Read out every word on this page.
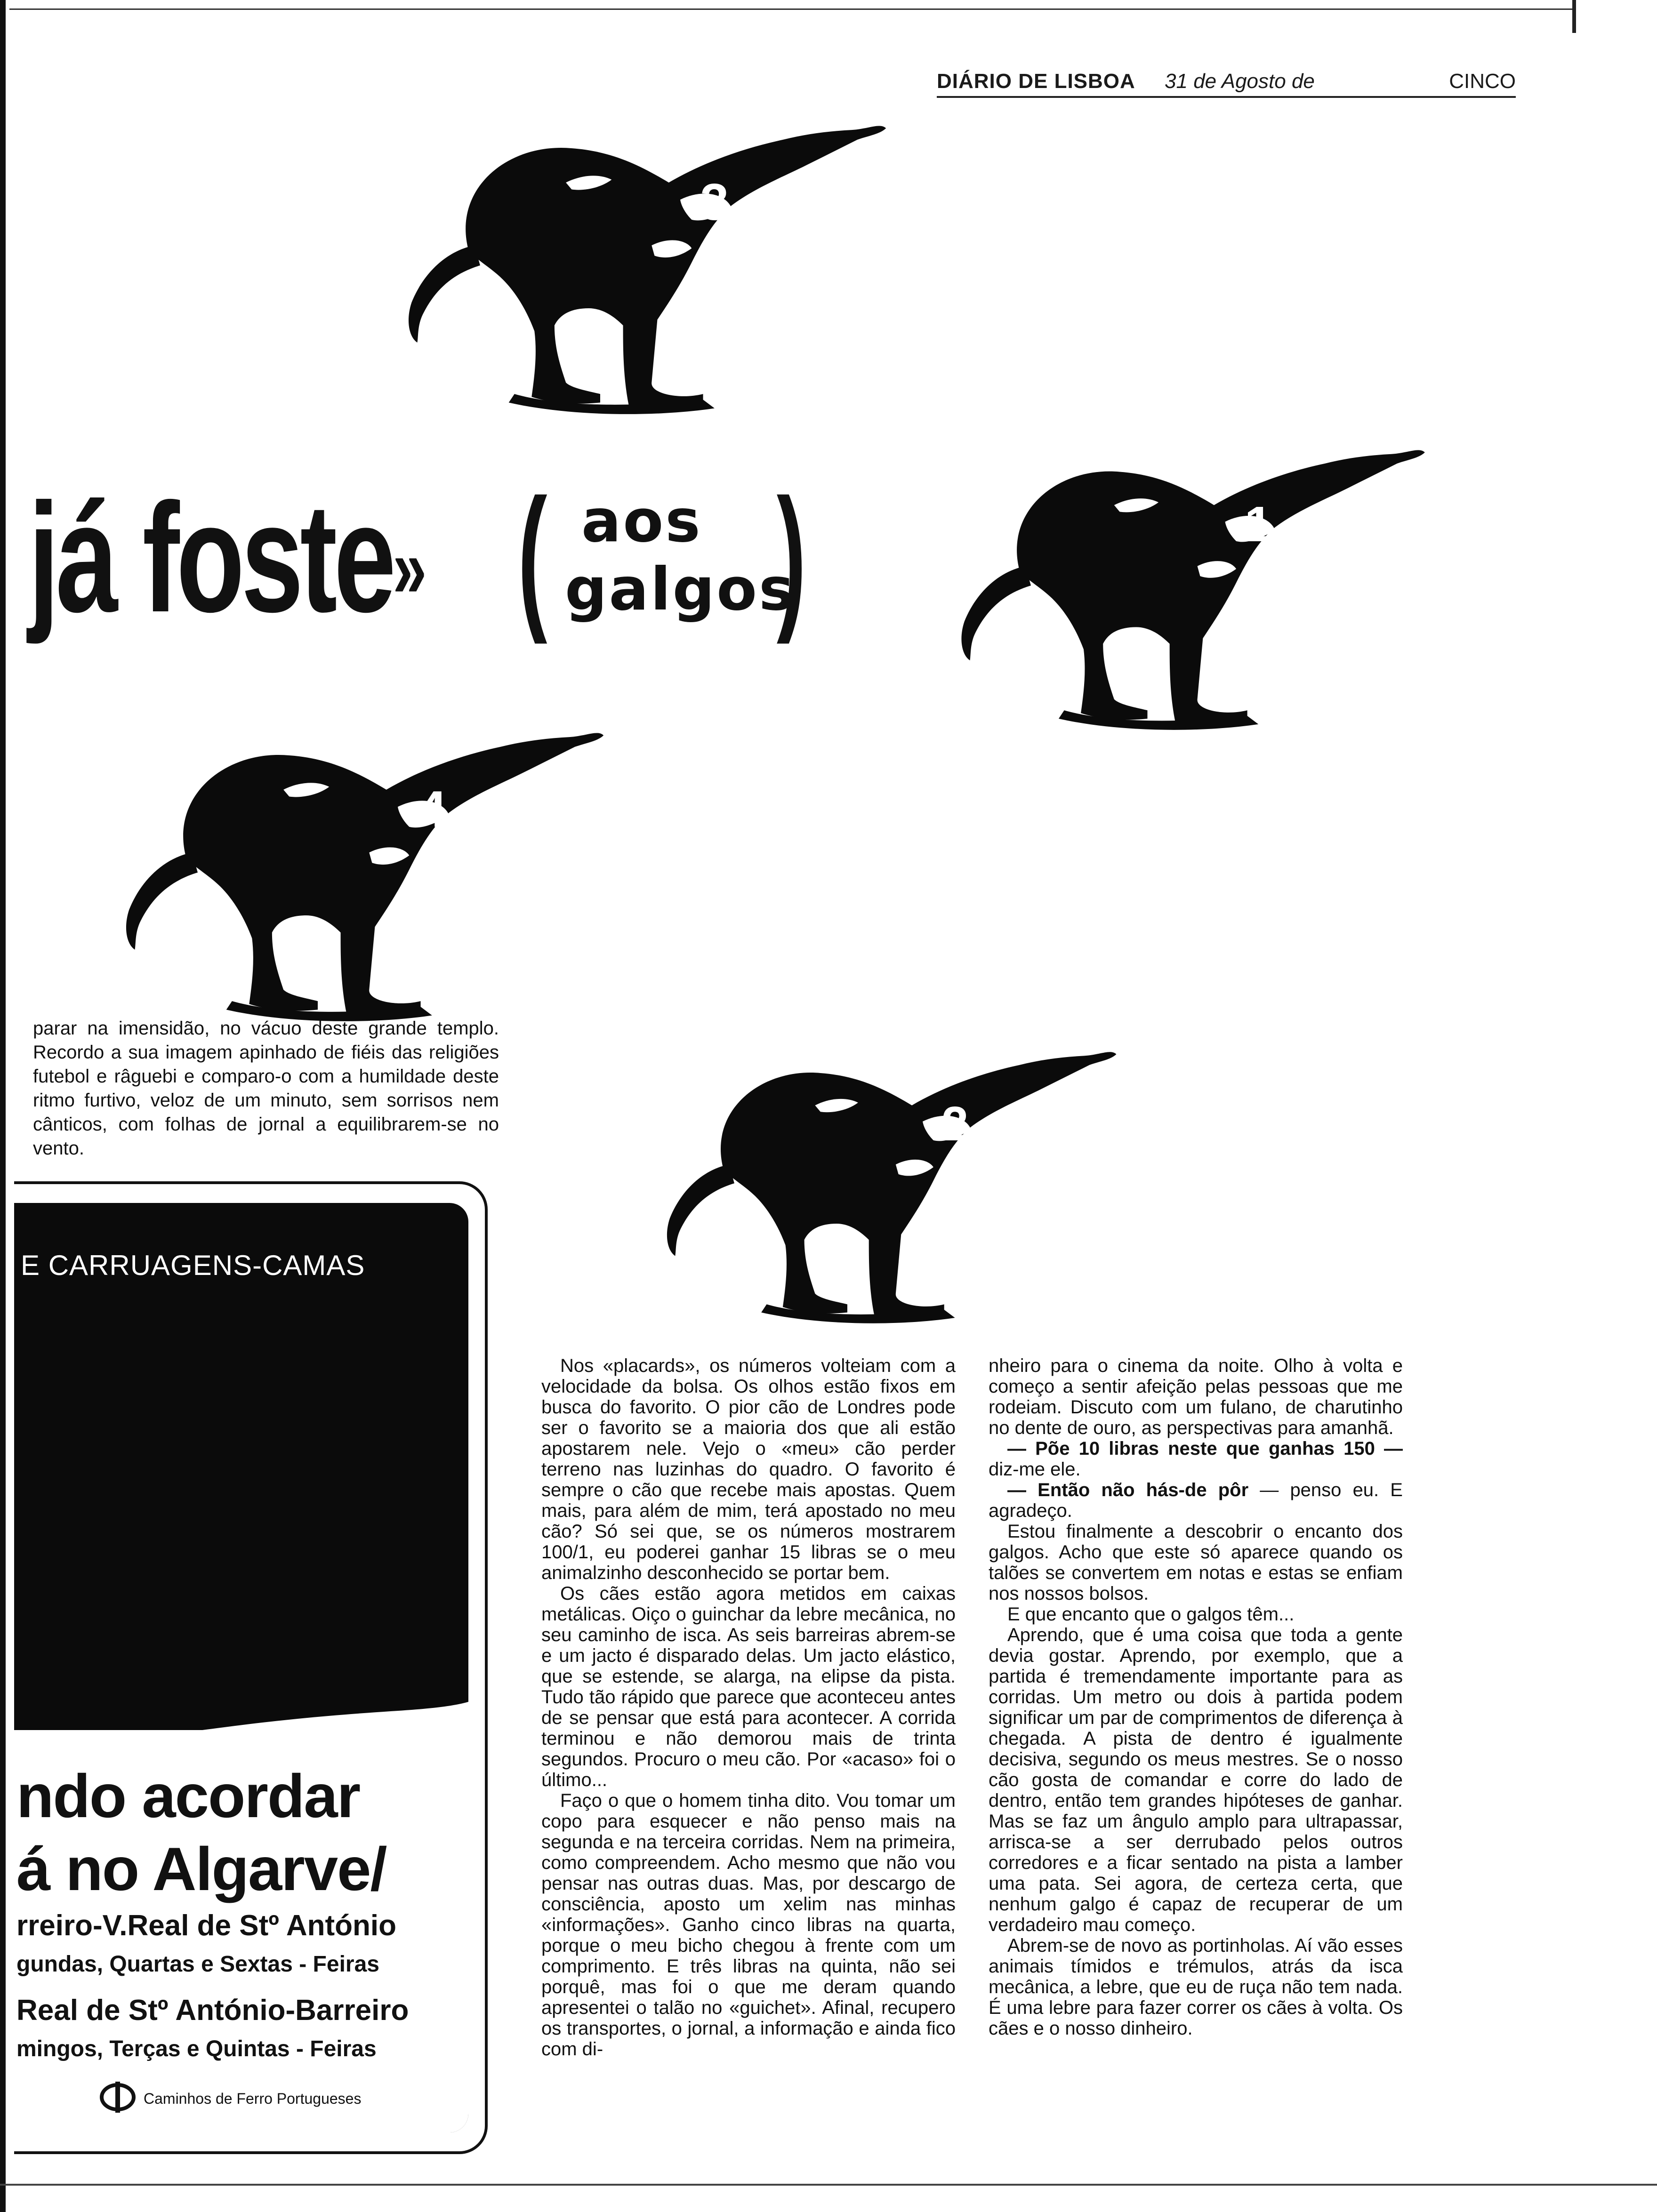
DIÁRIO DE LISBOA 31 de Agosto de	CINCO
3
1
4
2
já foste» ( aos
galgos
)
parar na imensidão, no vácuo deste grande templo. Recordo a sua imagem apinhado de fiéis das religiões futebol e râguebi e comparo-o com a humildade deste ritmo furtivo, veloz de um minuto, sem sorrisos nem cânticos, com folhas de jornal a equilibrarem-se no vento.
E CARRUAGENS-CAMAS
ndo acordar
á no Algarve/
rreiro-V.Real de Stº António
gundas, Quartas e Sextas - Feiras
Real de Stº António-Barreiro
mingos, Terças e Quintas - Feiras
Caminhos de Ferro Portugueses

Nos «placards», os números volteiam com a velocidade da bolsa. Os olhos estão fixos em busca do favorito. O pior cão de Londres pode ser o favorito se a maioria dos que ali estão apostarem nele. Vejo o «meu» cão perder terreno nas luzinhas do quadro. O favorito é sempre o cão que recebe mais apostas. Quem mais, para além de mim, terá apostado no meu cão? Só sei que, se os números mostrarem 100/1, eu poderei ganhar 15 libras se o meu animalzinho desconhecido se portar bem.

Os cães estão agora metidos em caixas metálicas. Oiço o guinchar da lebre mecânica, no seu caminho de isca. As seis barreiras abrem-se e um jacto é disparado delas. Um jacto elástico, que se estende, se alarga, na elipse da pista. Tudo tão rápido que parece que aconteceu antes de se pensar que está para acontecer. A corrida terminou e não demorou mais de trinta segundos. Procuro o meu cão. Por «acaso» foi o último...

Faço o que o homem tinha dito. Vou tomar um copo para esquecer e não penso mais na segunda e na terceira corridas. Nem na primeira, como compreendem. Acho mesmo que não vou pensar nas outras duas. Mas, por descargo de consciência, aposto um xelim nas minhas «informações». Ganho cinco libras na quarta, porque o meu bicho chegou à frente com um comprimento. E três libras na quinta, não sei porquê, mas foi o que me deram quando apresentei o talão no «guichet». Afinal, recupero os transportes, o jornal, a informação e ainda fico com di-

nheiro para o cinema da noite. Olho à volta e começo a sentir afeição pelas pessoas que me rodeiam. Discuto com um fulano, de charutinho no dente de ouro, as perspectivas para amanhã.

— Põe 10 libras neste que ganhas 150 — diz-me ele.

— Então não hás-de pôr — penso eu. E agradeço.

Estou finalmente a descobrir o encanto dos galgos. Acho que este só aparece quando os talões se convertem em notas e estas se enfiam nos nossos bolsos.

E que encanto que o galgos têm...

Aprendo, que é uma coisa que toda a gente devia gostar. Aprendo, por exemplo, que a partida é tremendamente importante para as corridas. Um metro ou dois à partida podem significar um par de comprimentos de diferença à chegada. A pista de dentro é igualmente decisiva, segundo os meus mestres. Se o nosso cão gosta de comandar e corre do lado de dentro, então tem grandes hipóteses de ganhar. Mas se faz um ângulo amplo para ultrapassar, arrisca-se a ser derrubado pelos outros corredores e a ficar sentado na pista a lamber uma pata. Sei agora, de certeza certa, que nenhum galgo é capaz de recuperar de um verdadeiro mau começo.

Abrem-se de novo as portinholas. Aí vão esses animais tímidos e trémulos, atrás da isca mecânica, a lebre, que eu de ruça não tem nada. É uma lebre para fazer correr os cães à volta. Os cães e o nosso dinheiro.
